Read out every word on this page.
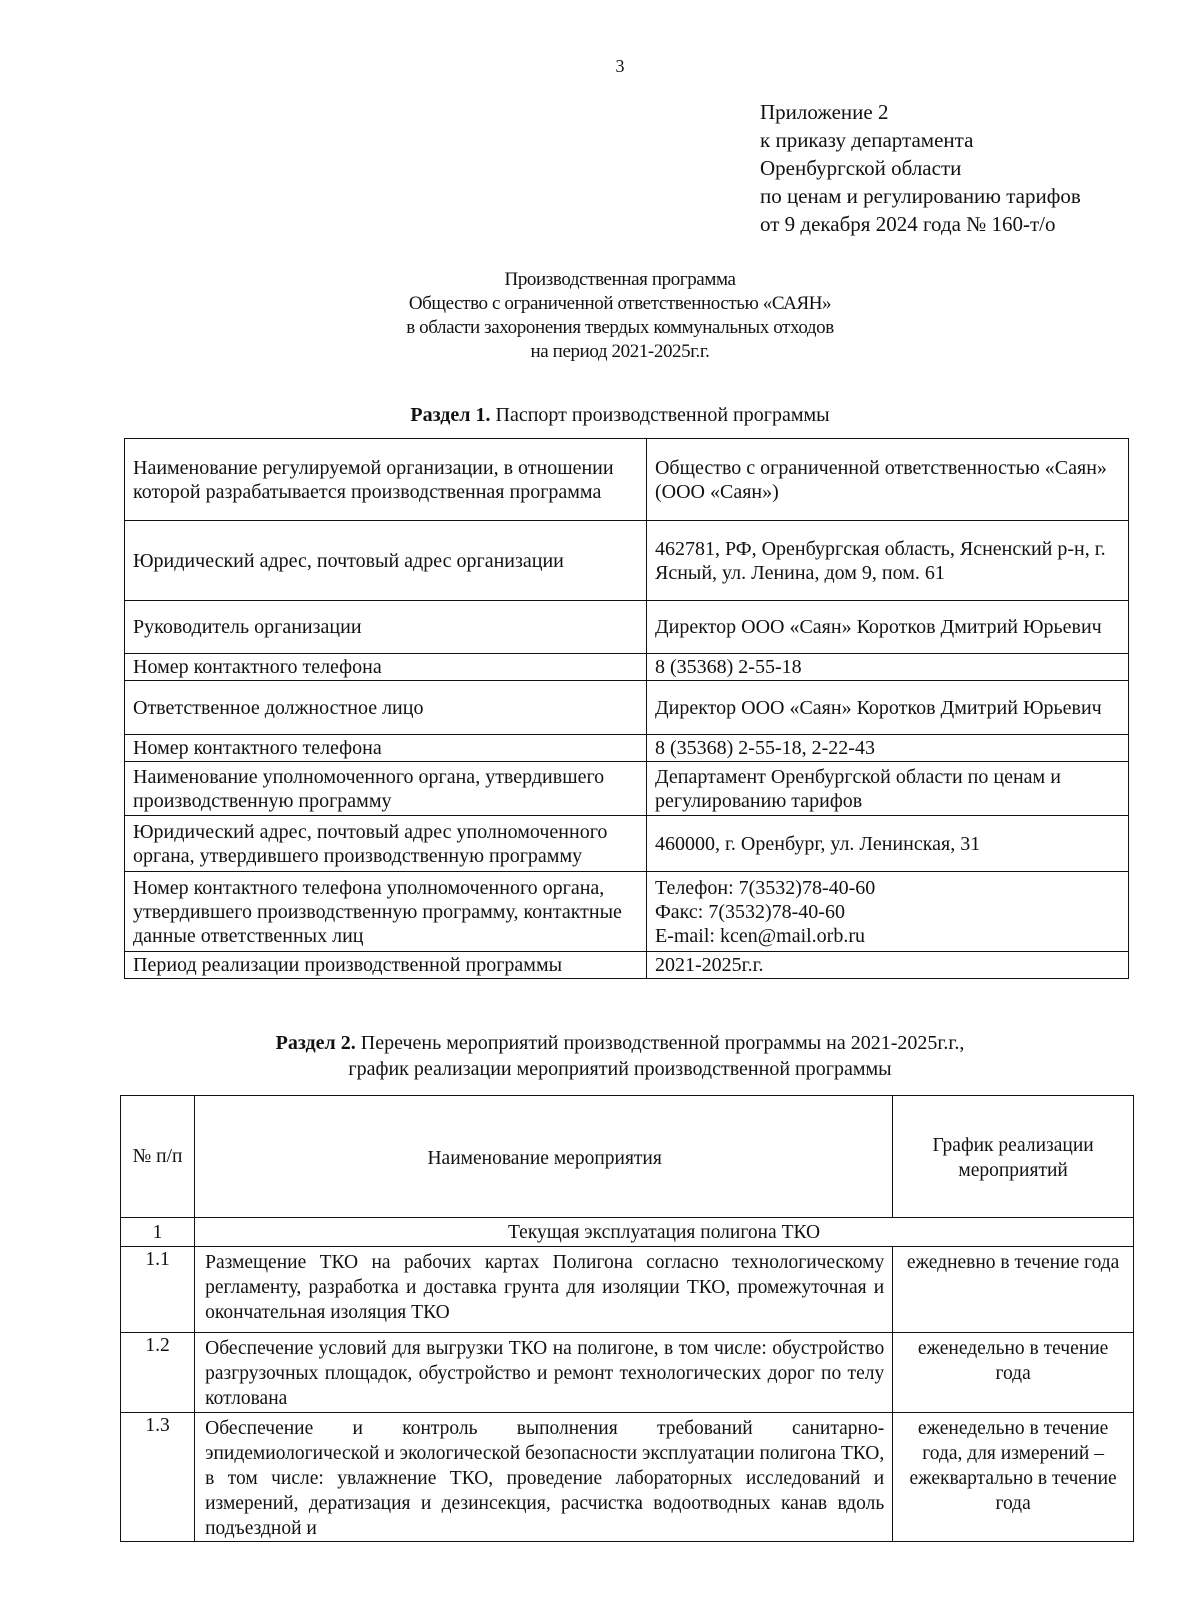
3
Приложение 2
к приказу департамента
Оренбургской области
по ценам и регулированию тарифов
от 9 декабря 2024 года № 160-т/о
Производственная программа
Общество с ограниченной ответственностью «САЯН»
в области захоронения твердых коммунальных отходов
на период 2021-2025г.г.
Раздел 1. Паспорт производственной программы
Наименование регулируемой организации, в отношении которой разрабатывается производственная программа	Общество с ограниченной ответственностью «Саян» (ООО «Саян»)
Юридический адрес, почтовый адрес организации	462781, РФ, Оренбургская область, Ясненский р-н, г. Ясный, ул. Ленина, дом 9, пом. 61
Руководитель организации	Директор ООО «Саян» Коротков Дмитрий Юрьевич
Номер контактного телефона	8 (35368) 2-55-18
Ответственное должностное лицо	Директор ООО «Саян» Коротков Дмитрий Юрьевич
Номер контактного телефона	8 (35368) 2-55-18, 2-22-43
Наименование уполномоченного органа, утвердившего производственную программу	Департамент Оренбургской области по ценам и регулированию тарифов
Юридический адрес, почтовый адрес уполномоченного органа, утвердившего производственную программу	460000, г. Оренбург, ул. Ленинская, 31
Номер контактного телефона уполномоченного органа, утвердившего производственную программу, контактные данные ответственных лиц	Телефон: 7(3532)78-40-60
Факс: 7(3532)78-40-60
E-mail: kcen@mail.orb.ru

Период реализации производственной программы	2021-2025г.г.
Раздел 2. Перечень мероприятий производственной программы на 2021-2025г.г.,
график реализации мероприятий производственной программы
№ п/п	Наименование мероприятия	График реализации мероприятий
1	Текущая эксплуатация полигона ТКО	
1.1	Размещение ТКО на рабочих картах Полигона согласно технологическому регламенту, разработка и доставка грунта для изоляции ТКО, промежуточная и окончательная изоляция ТКО	ежедневно в течение года
1.2	Обеспечение условий для выгрузки ТКО на полигоне, в том числе: обустройство разгрузочных площадок, обустройство и ремонт технологических дорог по телу котлована	еженедельно в течение года
1.3	Обеспечение и контроль выполнения требований санитарно-эпидемиологической и экологической безопасности эксплуатации полигона ТКО, в том числе: увлажнение ТКО, проведение лабораторных исследований и измерений, дератизация и дезинсекция, расчистка водоотводных канав вдоль подъездной и	еженедельно в течение года, для измерений – ежеквартально в течение года
